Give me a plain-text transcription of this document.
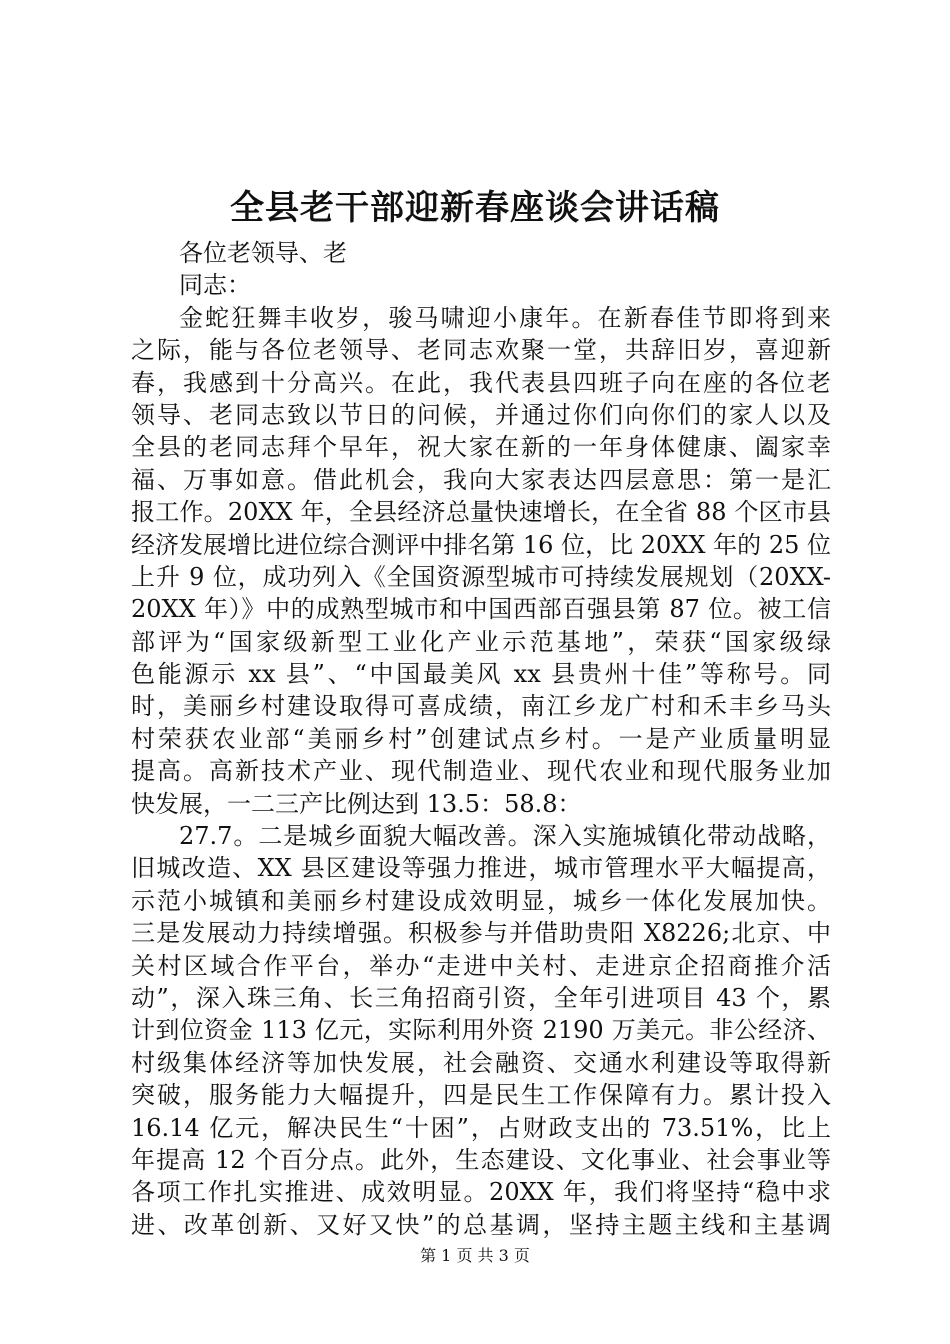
全县老干部迎新春座谈会讲话稿
各位老领导、老
同志：
金蛇狂舞丰收岁，骏马啸迎小康年。在新春佳节即将到来
之际，能与各位老领导、老同志欢聚一堂，共辞旧岁，喜迎新
春，我感到十分高兴。在此，我代表县四班子向在座的各位老
领导、老同志致以节日的问候，并通过你们向你们的家人以及
全县的老同志拜个早年，祝大家在新的一年身体健康、阖家幸
福、万事如意。借此机会，我向大家表达四层意思：第一是汇
报工作。20XX 年，全县经济总量快速增长，在全省 88 个区市县
经济发展增比进位综合测评中排名第 16 位，比 20XX 年的 25 位
上升 9 位，成功列入《全国资源型城市可持续发展规划（20XX-
20XX 年）》中的成熟型城市和中国西部百强县第 87 位。被工信
部评为“国家级新型工业化产业示范基地”，荣获“国家级绿
色能源示 xx 县”、“中国最美风 xx 县贵州十佳”等称号。同
时，美丽乡村建设取得可喜成绩，南江乡龙广村和禾丰乡马头
村荣获农业部“美丽乡村”创建试点乡村。一是产业质量明显
提高。高新技术产业、现代制造业、现代农业和现代服务业加
快发展，一二三产比例达到 13.5：58.8：
27.7。二是城乡面貌大幅改善。深入实施城镇化带动战略，
旧城改造、XX 县区建设等强力推进，城市管理水平大幅提高，
示范小城镇和美丽乡村建设成效明显，城乡一体化发展加快。
三是发展动力持续增强。积极参与并借助贵阳 X8226;北京、中
关村区域合作平台，举办“走进中关村、走进京企招商推介活
动”，深入珠三角、长三角招商引资，全年引进项目 43 个，累
计到位资金 113 亿元，实际利用外资 2190 万美元。非公经济、
村级集体经济等加快发展，社会融资、交通水利建设等取得新
突破，服务能力大幅提升，四是民生工作保障有力。累计投入
16.14 亿元，解决民生“十困”，占财政支出的 73.51%，比上
年提高 12 个百分点。此外，生态建设、文化事业、社会事业等
各项工作扎实推进、成效明显。20XX 年，我们将坚持“稳中求
进、改革创新、又好又快”的总基调，坚持主题主线和主基调
第 1 页 共 3 页
